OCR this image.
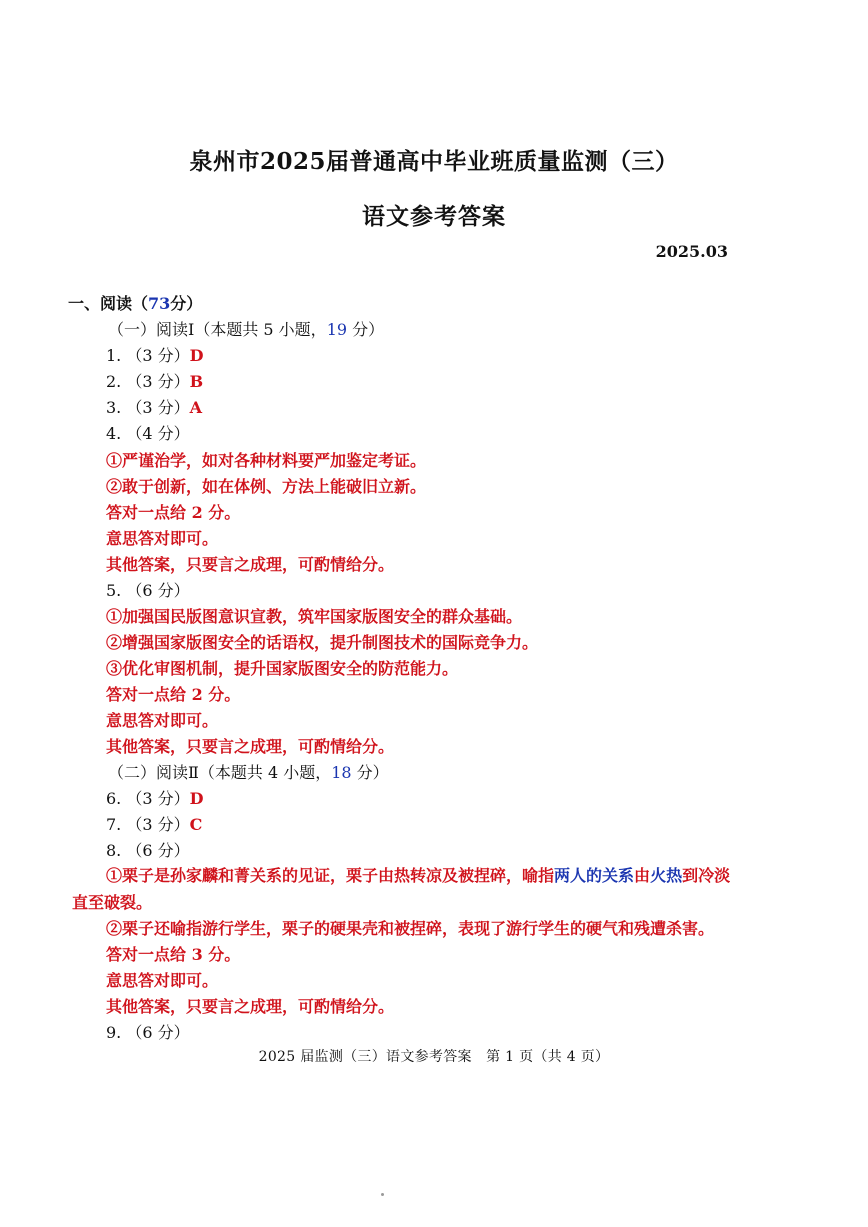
泉州市2025届普通高中毕业班质量监测（三）
语文参考答案
2025.03
一、阅读（73分）
（一）阅读Ⅰ（本题共 5 小题，19 分）
1. （3 分）D
2. （3 分）B
3. （3 分）A
4. （4 分）
①严谨治学，如对各种材料要严加鉴定考证。
②敢于创新，如在体例、方法上能破旧立新。
答对一点给 2 分。
意思答对即可。
其他答案，只要言之成理，可酌情给分。
5. （6 分）
①加强国民版图意识宣教，筑牢国家版图安全的群众基础。
②增强国家版图安全的话语权，提升制图技术的国际竞争力。
③优化审图机制，提升国家版图安全的防范能力。
答对一点给 2 分。
意思答对即可。
其他答案，只要言之成理，可酌情给分。
（二）阅读Ⅱ（本题共 4 小题，18 分）
6. （3 分）D
7. （3 分）C
8. （6 分）
①栗子是孙家麟和菁关系的见证，栗子由热转凉及被捏碎，喻指两人的关系由火热到冷淡
直至破裂。
②栗子还喻指游行学生，栗子的硬果壳和被捏碎，表现了游行学生的硬气和残遭杀害。
答对一点给 3 分。
意思答对即可。
其他答案，只要言之成理，可酌情给分。
9. （6 分）
2025 届监测（三）语文参考答案　第 1 页（共 4 页）
